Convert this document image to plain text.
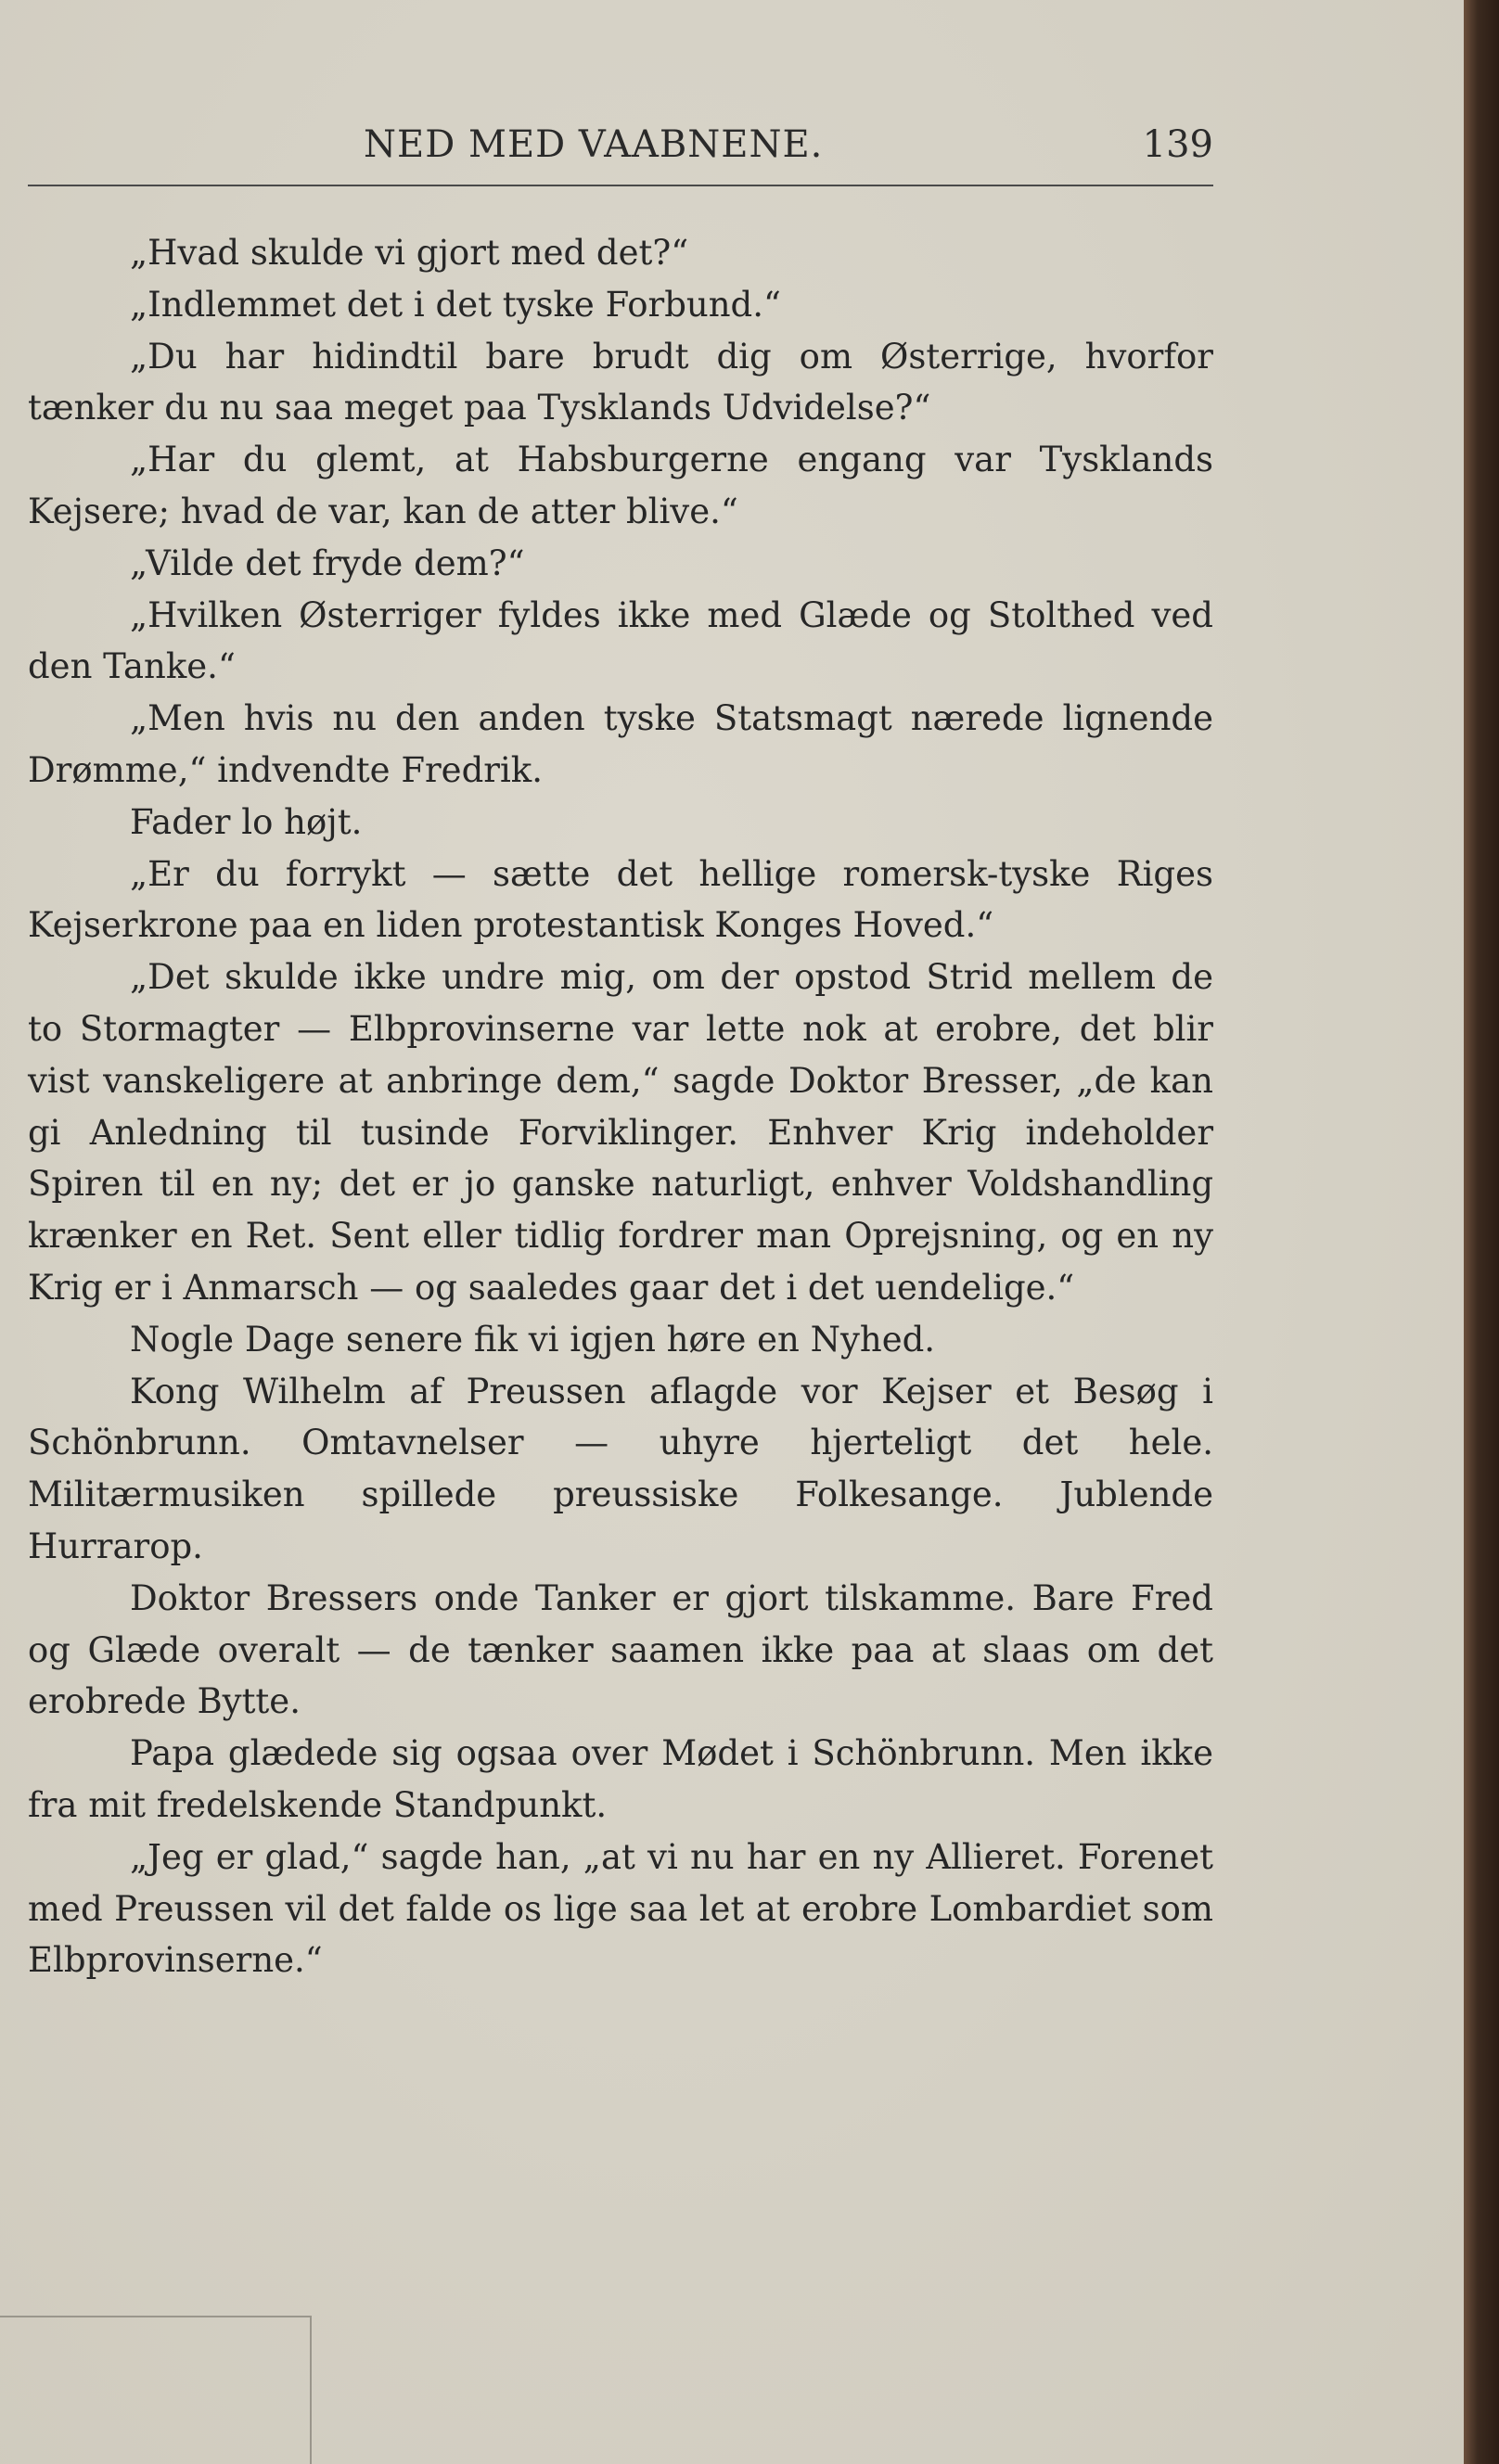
NED MED VAABNENE.	139

„Hvad skulde vi gjort med det?“

„Indlemmet det i det tyske Forbund.“

„Du har hidindtil bare brudt dig om Østerrige, hvorfor tænker du nu saa meget paa Tysklands Udvidelse?“

„Har du glemt, at Habsburgerne engang var Tysklands Kejsere; hvad de var, kan de atter blive.“

„Vilde det fryde dem?“

„Hvilken Østerriger fyldes ikke med Glæde og Stolthed ved den Tanke.“

„Men hvis nu den anden tyske Statsmagt nærede lignende Drømme,“ indvendte Fredrik.

Fader lo højt.

„Er du forrykt — sætte det hellige romersk-tyske Riges Kejserkrone paa en liden protestantisk Konges Hoved.“

„Det skulde ikke undre mig, om der opstod Strid mellem de to Stormagter — Elbprovinserne var lette nok at erobre, det blir vist vanskeligere at anbringe dem,“ sagde Doktor Bresser, „de kan gi Anledning til tusinde Forviklinger. Enhver Krig indeholder Spiren til en ny; det er jo ganske naturligt, enhver Voldshandling krænker en Ret. Sent eller tidlig fordrer man Oprejsning, og en ny Krig er i Anmarsch — og saaledes gaar det i det uendelige.“

Nogle Dage senere fik vi igjen høre en Nyhed.

Kong Wilhelm af Preussen aflagde vor Kejser et Besøg i Schönbrunn. Omtavnelser — uhyre hjerteligt det hele. Militærmusiken spillede preussiske Folkesange. Jublende Hurrarop.

Doktor Bressers onde Tanker er gjort tilskamme. Bare Fred og Glæde overalt — de tænker saamen ikke paa at slaas om det erobrede Bytte.

Papa glædede sig ogsaa over Mødet i Schönbrunn. Men ikke fra mit fredelskende Standpunkt.

„Jeg er glad,“ sagde han, „at vi nu har en ny Allieret. Forenet med Preussen vil det falde os lige saa let at erobre Lombardiet som Elbprovinserne.“
